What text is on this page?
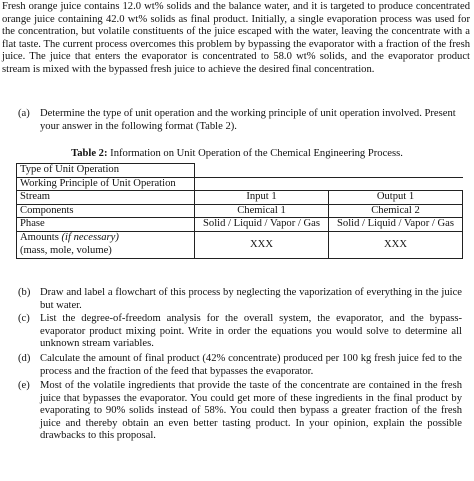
Fresh orange juice contains 12.0 wt% solids and the balance water, and it is targeted to produce concentrated orange juice containing 42.0 wt% solids as final product. Initially, a single evaporation process was used for the concentration, but volatile constituents of the juice escaped with the water, leaving the concentrate with a flat taste. The current process overcomes this problem by bypassing the evaporator with a fraction of the fresh juice. The juice that enters the evaporator is concentrated to 58.0 wt% solids, and the evaporator product stream is mixed with the bypassed fresh juice to achieve the desired final concentration.

(a) Determine the type of unit operation and the working principle of unit operation involved. Present your answer in the following format (Table 2).

Table 2: Information on Unit Operation of the Chemical Engineering Process.

Type of Unit Operation		
Working Principle of Unit Operation		
Stream	Input 1	Output 1
Components	Chemical 1	Chemical 2
Phase	Solid / Liquid / Vapor / Gas	Solid / Liquid / Vapor / Gas
Amounts (if necessary)
(mass, mole, volume)	XXX	XXX
(b) Draw and label a flowchart of this process by neglecting the vaporization of everything in the juice but water.
(c) List the degree-of-freedom analysis for the overall system, the evaporator, and the bypass-evaporator product mixing point. Write in order the equations you would solve to determine all unknown stream variables.
(d) Calculate the amount of final product (42% concentrate) produced per 100 kg fresh juice fed to the process and the fraction of the feed that bypasses the evaporator.
(e) Most of the volatile ingredients that provide the taste of the concentrate are contained in the fresh juice that bypasses the evaporator. You could get more of these ingredients in the final product by evaporating to 90% solids instead of 58%. You could then bypass a greater fraction of the fresh juice and thereby obtain an even better tasting product. In your opinion, explain the possible drawbacks to this proposal.
